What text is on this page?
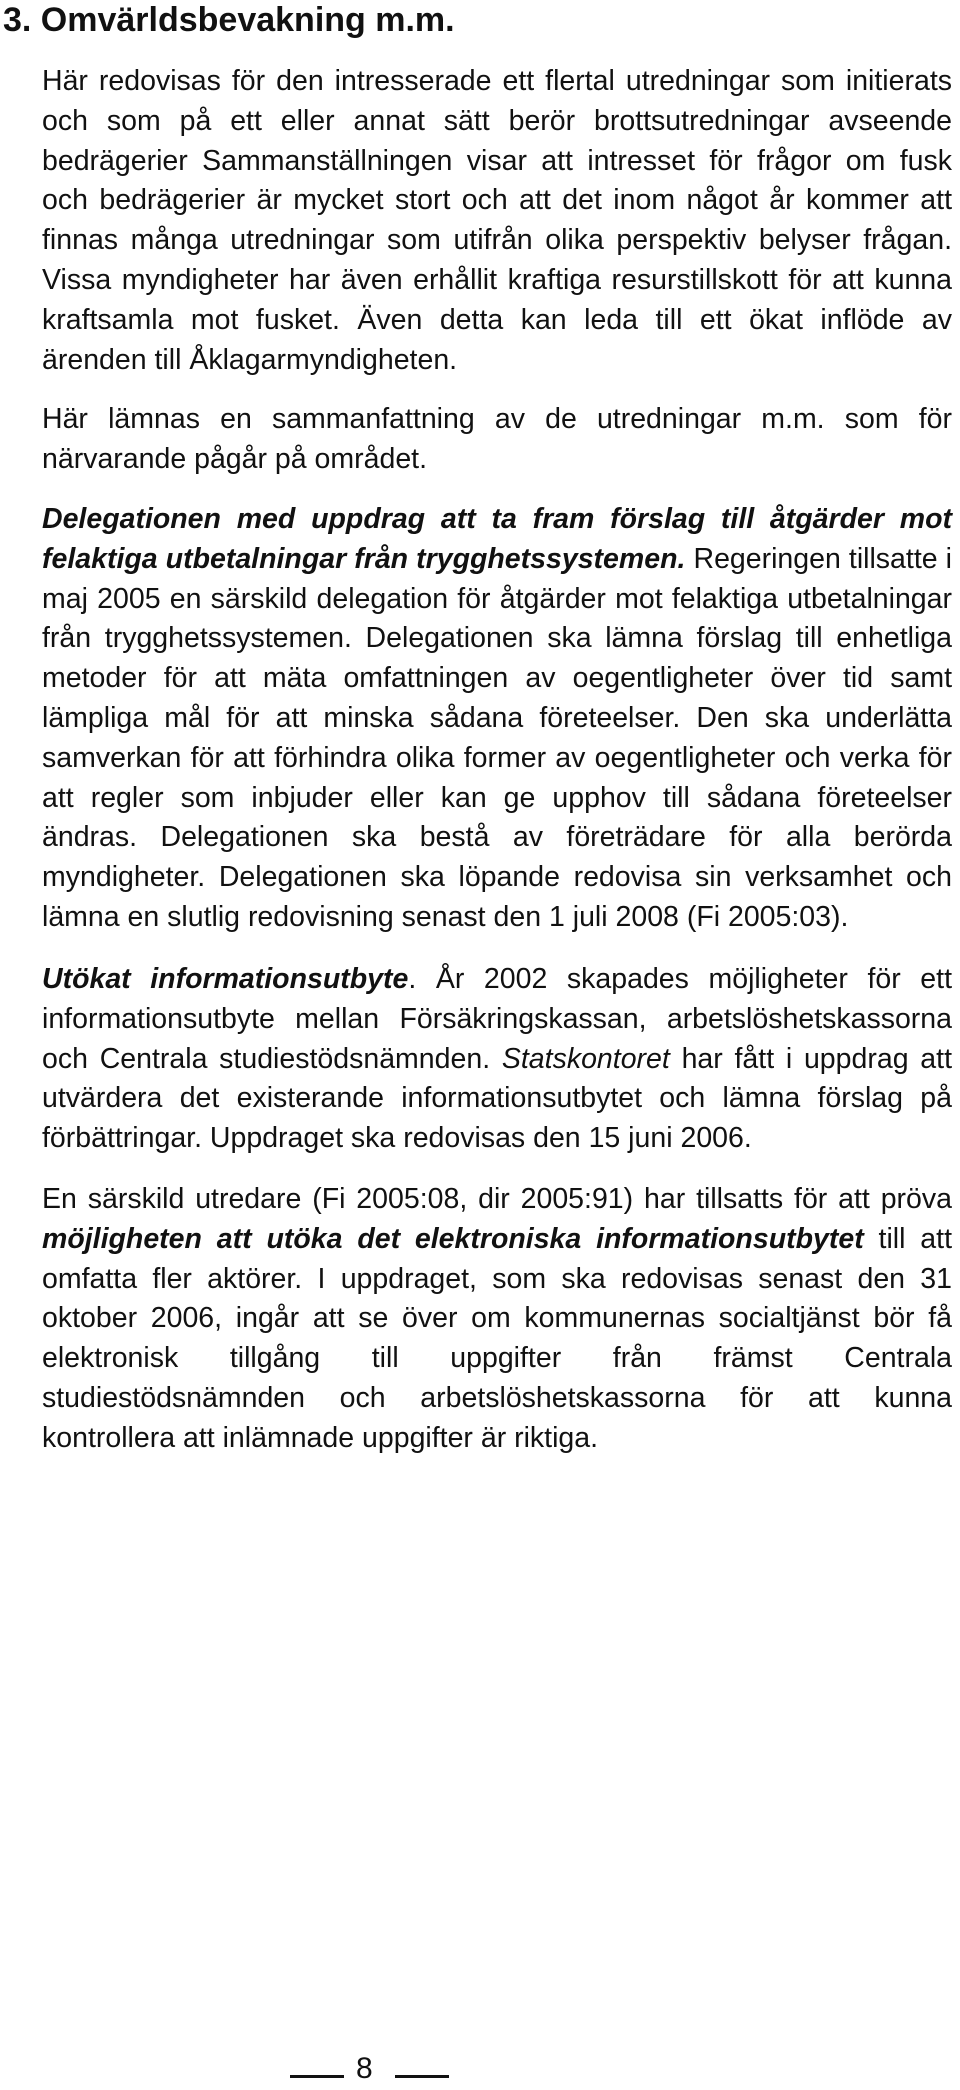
3. Omvärldsbevakning m.m.

Här redovisas för den intresserade ett flertal utredningar som initierats och som på ett eller annat sätt berör brottsutredningar avseende bedrägerier Sammanställningen visar att intresset för frågor om fusk och bedrägerier är mycket stort och att det inom något år kommer att finnas många utredningar som utifrån olika perspektiv belyser frågan. Vissa myndigheter har även erhållit kraftiga resurstillskott för att kunna kraftsamla mot fusket. Även detta kan leda till ett ökat inflöde av ärenden till Åklagarmyndigheten.

Här lämnas en sammanfattning av de utredningar m.m. som för närvarande pågår på området.

Delegationen med uppdrag att ta fram förslag till åtgärder mot felaktiga utbetalningar från trygghetssystemen. Regeringen tillsatte i maj 2005 en särskild delegation för åtgärder mot felaktiga utbetalningar från trygghetssystemen. Delegationen ska lämna förslag till enhetliga metoder för att mäta omfattningen av oegentligheter över tid samt lämpliga mål för att minska sådana företeelser. Den ska underlätta samverkan för att förhindra olika former av oegentligheter och verka för att regler som inbjuder eller kan ge upphov till sådana företeelser ändras. Delegationen ska bestå av företrädare för alla berörda myndigheter. Delegationen ska löpande redovisa sin verksamhet och lämna en slutlig redovisning senast den 1 juli 2008 (Fi 2005:03).

Utökat informationsutbyte. År 2002 skapades möjligheter för ett informationsutbyte mellan Försäkringskassan, arbetslöshetskassorna och Centrala studiestödsnämnden. Statskontoret har fått i uppdrag att utvärdera det existerande informationsutbytet och lämna förslag på förbättringar. Uppdraget ska redovisas den 15 juni 2006.

En särskild utredare (Fi 2005:08, dir 2005:91) har tillsatts för att pröva möjligheten att utöka det elektroniska informationsutbytet till att omfatta fler aktörer. I uppdraget, som ska redovisas senast den 31 oktober 2006, ingår att se över om kommunernas socialtjänst bör få elektronisk tillgång till uppgifter från främst Centrala studiestödsnämnden och arbetslöshetskassorna för att kunna kontrollera att inlämnade uppgifter är riktiga.

8
